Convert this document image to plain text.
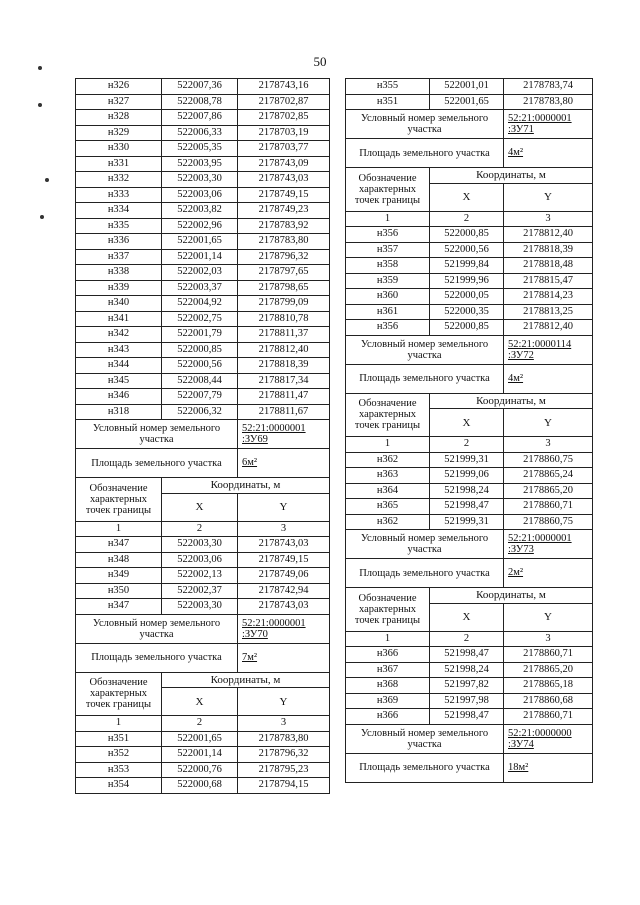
50
н326	522007,36	2178743,16
н327	522008,78	2178702,87
н328	522007,86	2178702,85
н329	522006,33	2178703,19
н330	522005,35	2178703,77
н331	522003,95	2178743,09
н332	522003,30	2178743,03
н333	522003,06	2178749,15
н334	522003,82	2178749,23
н335	522002,96	2178783,92
н336	522001,65	2178783,80
н337	522001,14	2178796,32
н338	522002,03	2178797,65
н339	522003,37	2178798,65
н340	522004,92	2178799,09
н341	522002,75	2178810,78
н342	522001,79	2178811,37
н343	522000,85	2178812,40
н344	522000,56	2178818,39
н345	522008,44	2178817,34
н346	522007,79	2178811,47
н318	522006,32	2178811,67
Условный номер земельного участка		52:21:0000001 :ЗУ69
Площадь земельного участка		6м²
Обозначение характерных точек границы	Координаты, м	
	X	Y
1	2	3
н347	522003,30	2178743,03
н348	522003,06	2178749,15
н349	522002,13	2178749,06
н350	522002,37	2178742,94
н347	522003,30	2178743,03
Условный номер земельного участка		52:21:0000001 :ЗУ70
Площадь земельного участка		7м²
Обозначение характерных точек границы	Координаты, м	
	X	Y
1	2	3
н351	522001,65	2178783,80
н352	522001,14	2178796,32
н353	522000,76	2178795,23
н354	522000,68	2178794,15
н355	522001,01	2178783,74
н351	522001,65	2178783,80
Условный номер земельного участка		52:21:0000001 :ЗУ71
Площадь земельного участка		4м²
Обозначение характерных точек границы	Координаты, м	
	X	Y
1	2	3
н356	522000,85	2178812,40
н357	522000,56	2178818,39
н358	521999,84	2178818,48
н359	521999,96	2178815,47
н360	522000,05	2178814,23
н361	522000,35	2178813,25
н356	522000,85	2178812,40
Условный номер земельного участка		52:21:0000114 :ЗУ72
Площадь земельного участка		4м²
Обозначение характерных точек границы	Координаты, м	
	X	Y
1	2	3
н362	521999,31	2178860,75
н363	521999,06	2178865,24
н364	521998,24	2178865,20
н365	521998,47	2178860,71
н362	521999,31	2178860,75
Условный номер земельного участка		52:21:0000001 :ЗУ73
Площадь земельного участка		2м²
Обозначение характерных точек границы	Координаты, м	
	X	Y
1	2	3
н366	521998,47	2178860,71
н367	521998,24	2178865,20
н368	521997,82	2178865,18
н369	521997,98	2178860,68
н366	521998,47	2178860,71
Условный номер земельного участка		52:21:0000000 :ЗУ74
Площадь земельного участка		18м²
